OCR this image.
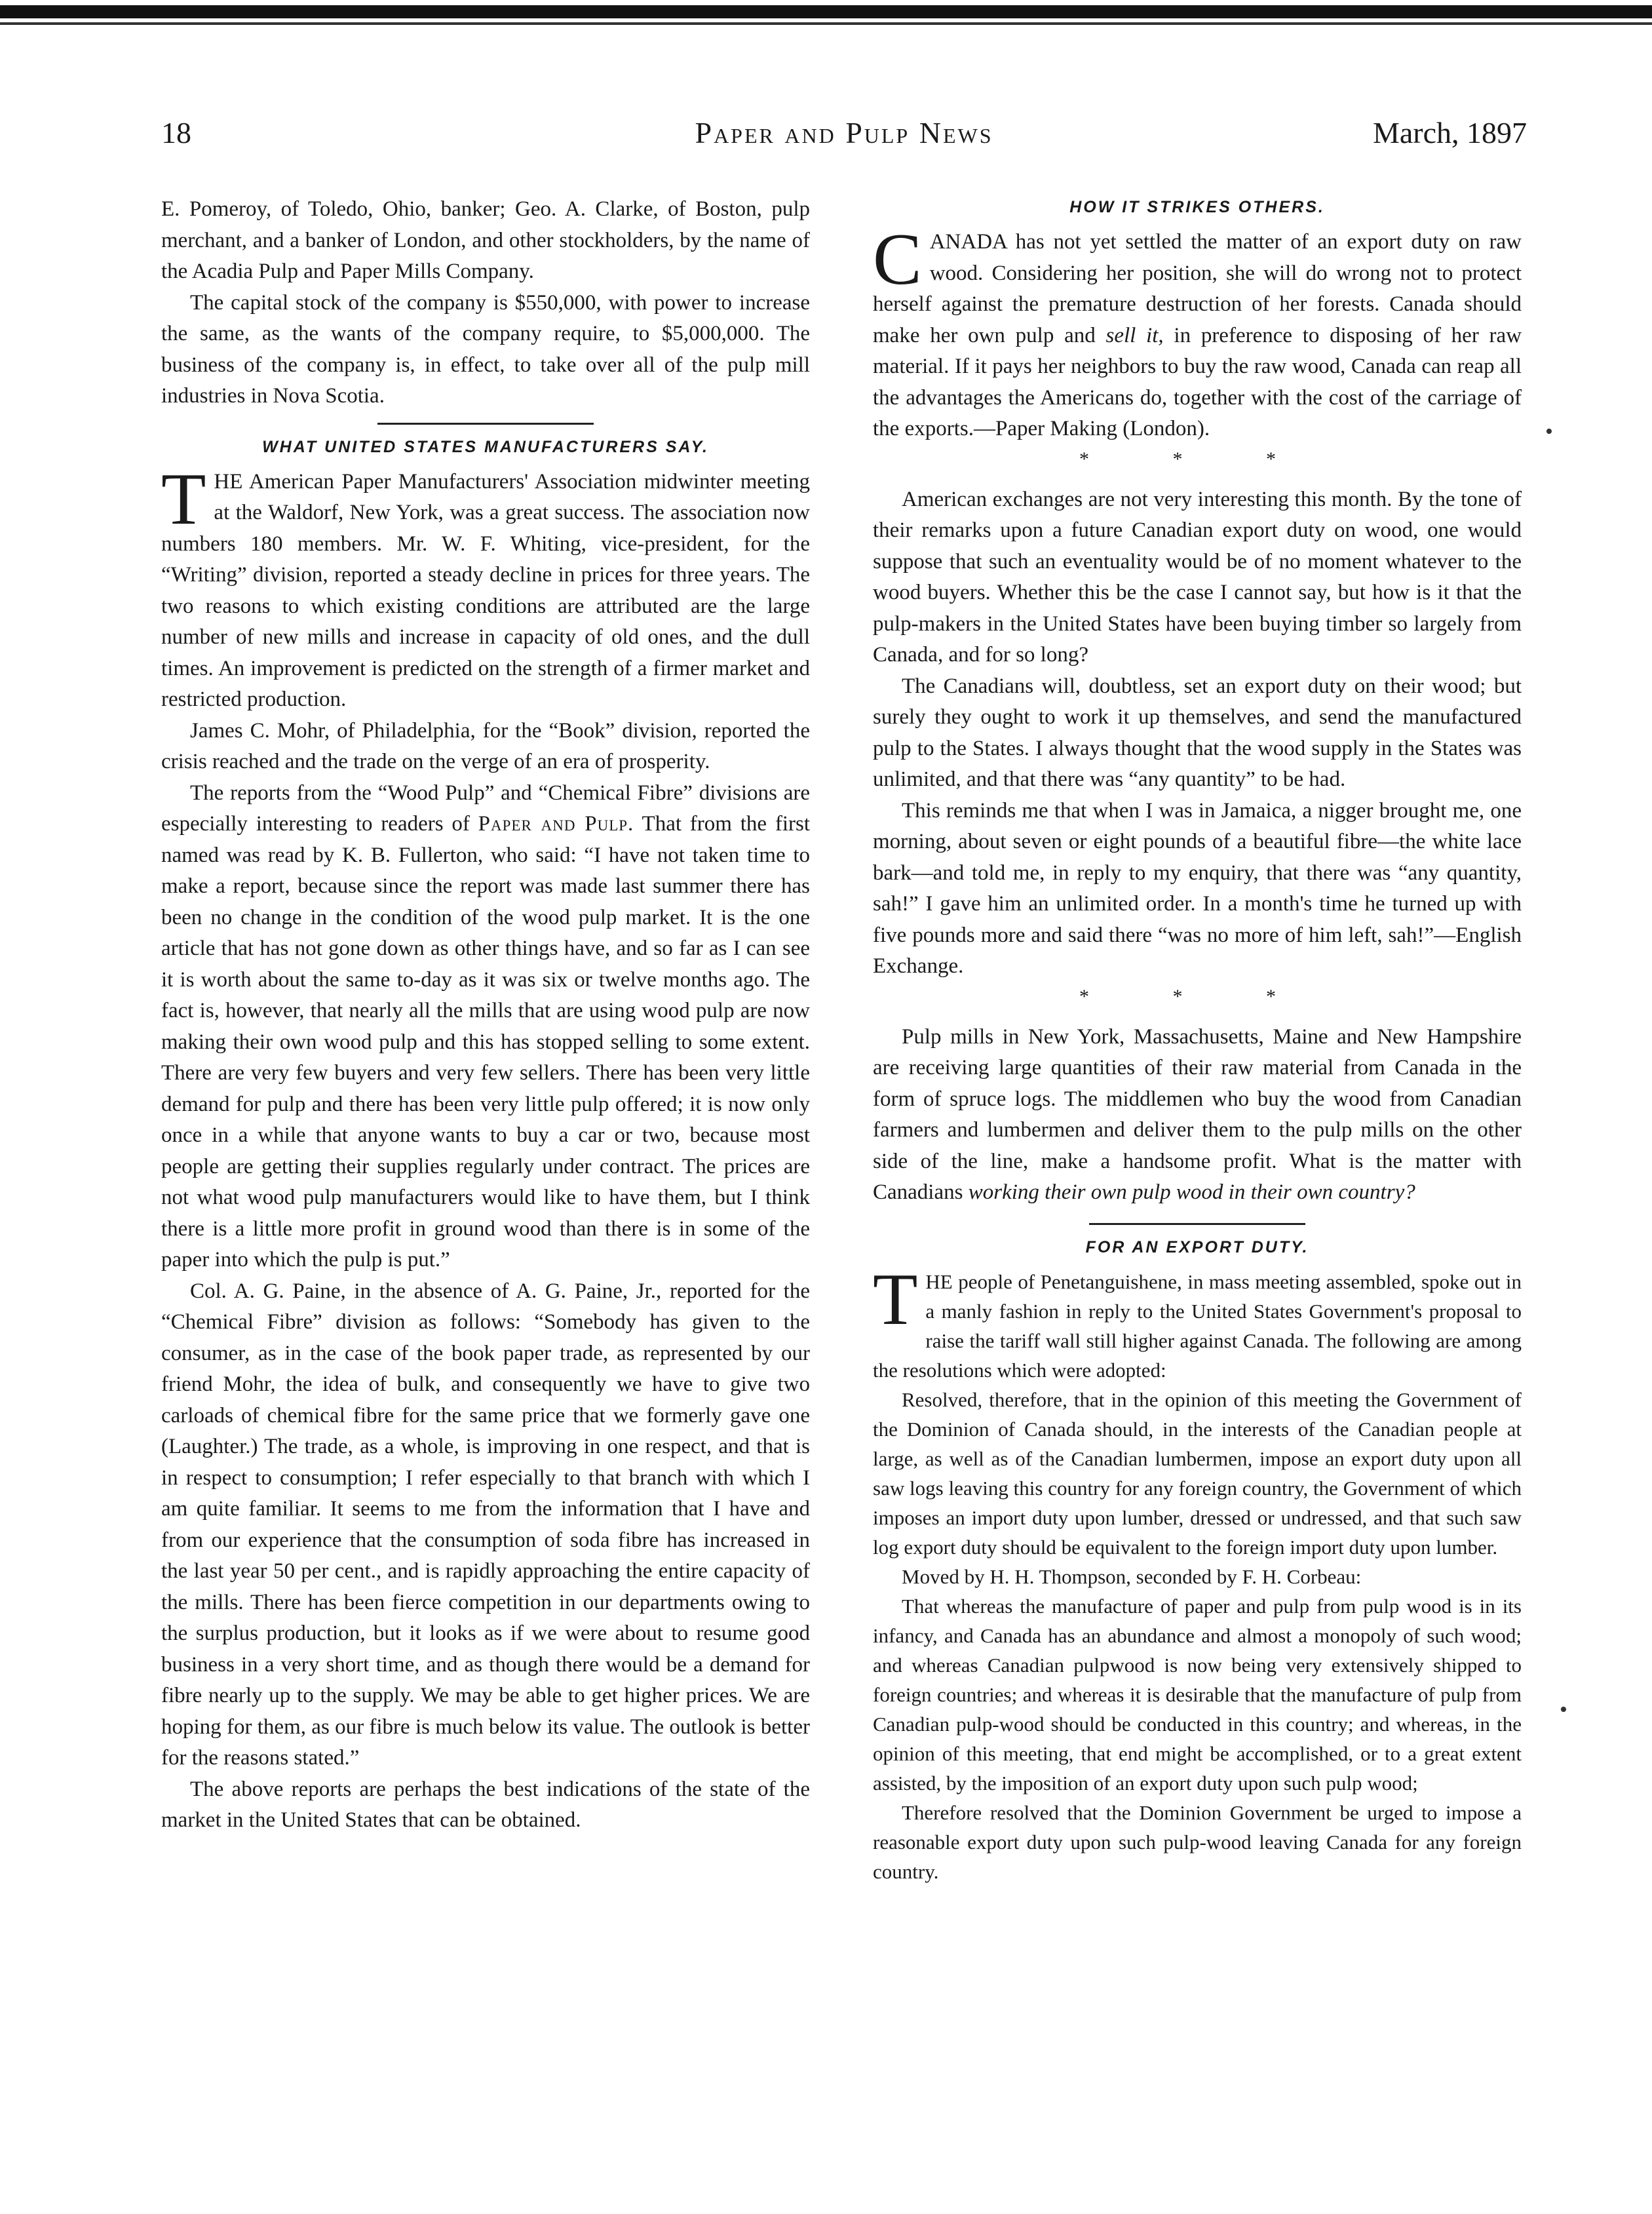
18	Paper and Pulp News	March, 1897

E. Pomeroy, of Toledo, Ohio, banker; Geo. A. Clarke, of Boston, pulp merchant, and a banker of London, and other stockholders, by the name of the Acadia Pulp and Paper Mills Company.

The capital stock of the company is $550,000, with power to increase the same, as the wants of the company require, to $5,000,000. The business of the company is, in effect, to take over all of the pulp mill industries in Nova Scotia.

WHAT UNITED STATES MANUFACTURERS SAY.

THE American Paper Manufacturers' Association midwinter meeting at the Waldorf, New York, was a great success. The association now numbers 180 members. Mr. W. F. Whiting, vice-president, for the “Writing” division, reported a steady decline in prices for three years. The two reasons to which existing conditions are attributed are the large number of new mills and increase in capacity of old ones, and the dull times. An improvement is predicted on the strength of a firmer market and restricted production.

James C. Mohr, of Philadelphia, for the “Book” division, reported the crisis reached and the trade on the verge of an era of prosperity.

The reports from the “Wood Pulp” and “Chemical Fibre” divisions are especially interesting to readers of Paper and Pulp. That from the first named was read by K. B. Fullerton, who said: “I have not taken time to make a report, because since the report was made last summer there has been no change in the condition of the wood pulp market. It is the one article that has not gone down as other things have, and so far as I can see it is worth about the same to-day as it was six or twelve months ago. The fact is, however, that nearly all the mills that are using wood pulp are now making their own wood pulp and this has stopped selling to some extent. There are very few buyers and very few sellers. There has been very little demand for pulp and there has been very little pulp offered; it is now only once in a while that anyone wants to buy a car or two, because most people are getting their supplies regularly under contract. The prices are not what wood pulp manufacturers would like to have them, but I think there is a little more profit in ground wood than there is in some of the paper into which the pulp is put.”

Col. A. G. Paine, in the absence of A. G. Paine, Jr., reported for the “Chemical Fibre” division as follows: “Somebody has given to the consumer, as in the case of the book paper trade, as represented by our friend Mohr, the idea of bulk, and consequently we have to give two carloads of chemical fibre for the same price that we formerly gave one (Laughter.) The trade, as a whole, is improving in one respect, and that is in respect to consumption; I refer especially to that branch with which I am quite familiar. It seems to me from the information that I have and from our experience that the consumption of soda fibre has increased in the last year 50 per cent., and is rapidly approaching the entire capacity of the mills. There has been fierce competition in our departments owing to the surplus production, but it looks as if we were about to resume good business in a very short time, and as though there would be a demand for fibre nearly up to the supply. We may be able to get higher prices. We are hoping for them, as our fibre is much below its value. The outlook is better for the reasons stated.”

The above reports are perhaps the best indications of the state of the market in the United States that can be obtained.

HOW IT STRIKES OTHERS.

CANADA has not yet settled the matter of an export duty on raw wood. Considering her position, she will do wrong not to protect herself against the premature destruction of her forests. Canada should make her own pulp and sell it, in preference to disposing of her raw material. If it pays her neighbors to buy the raw wood, Canada can reap all the advantages the Americans do, together with the cost of the carriage of the exports.—Paper Making (London).

* * *

American exchanges are not very interesting this month. By the tone of their remarks upon a future Canadian export duty on wood, one would suppose that such an eventuality would be of no moment whatever to the wood buyers. Whether this be the case I cannot say, but how is it that the pulp-makers in the United States have been buying timber so largely from Canada, and for so long?

The Canadians will, doubtless, set an export duty on their wood; but surely they ought to work it up themselves, and send the manufactured pulp to the States. I always thought that the wood supply in the States was unlimited, and that there was “any quantity” to be had.

This reminds me that when I was in Jamaica, a nigger brought me, one morning, about seven or eight pounds of a beautiful fibre—the white lace bark—and told me, in reply to my enquiry, that there was “any quantity, sah!” I gave him an unlimited order. In a month's time he turned up with five pounds more and said there “was no more of him left, sah!”—English Exchange.

* * *

Pulp mills in New York, Massachusetts, Maine and New Hampshire are receiving large quantities of their raw material from Canada in the form of spruce logs. The middlemen who buy the wood from Canadian farmers and lumbermen and deliver them to the pulp mills on the other side of the line, make a handsome profit. What is the matter with Canadians working their own pulp wood in their own country?

FOR AN EXPORT DUTY.

THE people of Penetanguishene, in mass meeting assembled, spoke out in a manly fashion in reply to the United States Government's proposal to raise the tariff wall still higher against Canada. The following are among the resolutions which were adopted:

Resolved, therefore, that in the opinion of this meeting the Government of the Dominion of Canada should, in the interests of the Canadian people at large, as well as of the Canadian lumbermen, impose an export duty upon all saw logs leaving this country for any foreign country, the Government of which imposes an import duty upon lumber, dressed or undressed, and that such saw log export duty should be equivalent to the foreign import duty upon lumber.

Moved by H. H. Thompson, seconded by F. H. Corbeau:

That whereas the manufacture of paper and pulp from pulp wood is in its infancy, and Canada has an abundance and almost a monopoly of such wood; and whereas Canadian pulpwood is now being very extensively shipped to foreign countries; and whereas it is desirable that the manufacture of pulp from Canadian pulp-wood should be conducted in this country; and whereas, in the opinion of this meeting, that end might be accomplished, or to a great extent assisted, by the imposition of an export duty upon such pulp wood;

Therefore resolved that the Dominion Government be urged to impose a reasonable export duty upon such pulp-wood leaving Canada for any foreign country.

•
•
